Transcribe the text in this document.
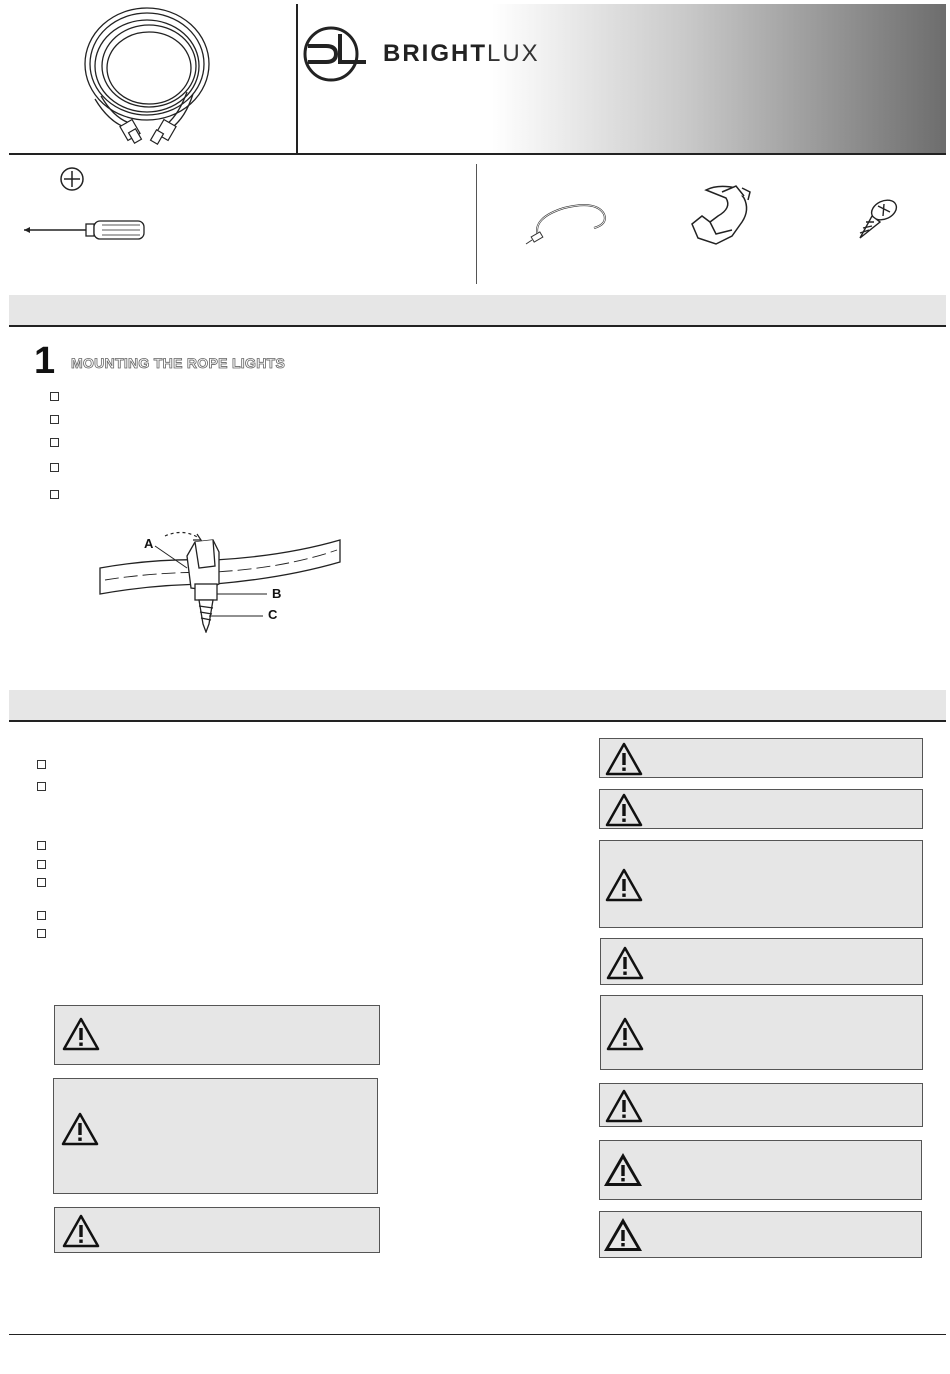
BRIGHTLUX
1 MOUNTING THE ROPE LIGHTS
A
B
C
